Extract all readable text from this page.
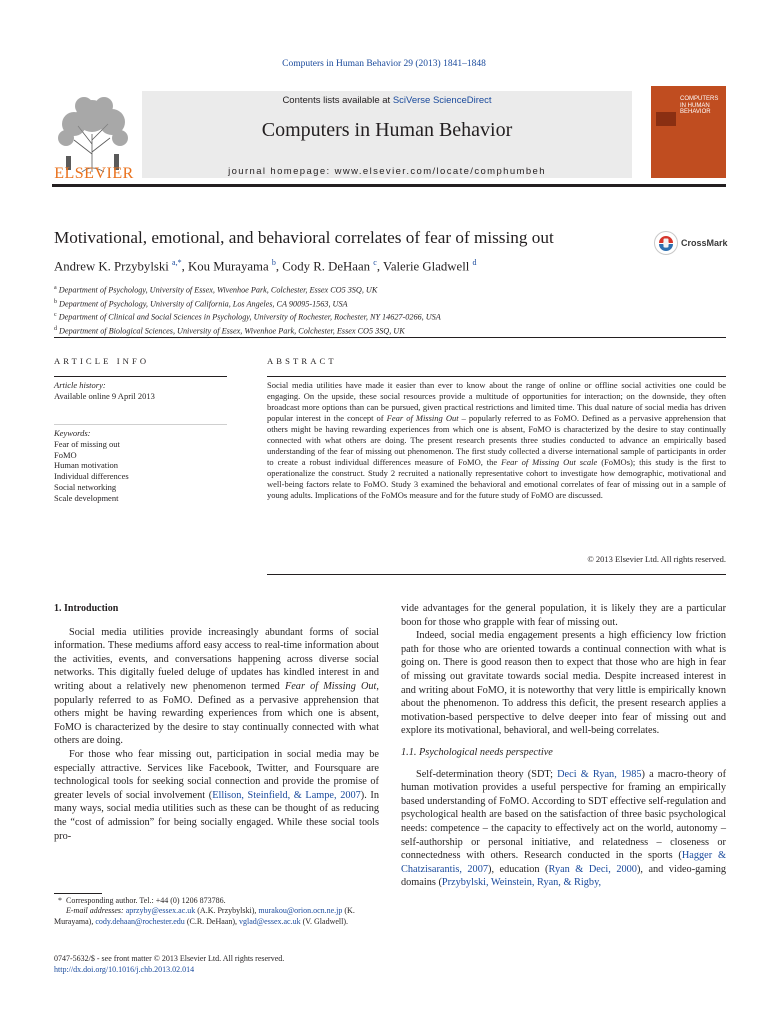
Computers in Human Behavior 29 (2013) 1841–1848
ELSEVIER
Contents lists available at SciVerse ScienceDirect
Computers in Human Behavior
journal homepage: www.elsevier.com/locate/comphumbeh
COMPUTERS IN HUMAN BEHAVIOR
Motivational, emotional, and behavioral correlates of fear of missing out	CrossMark
Andrew K. Przybylski $^{a,*}$, Kou Murayama $^b$, Cody R. DeHaan $^c$, Valerie Gladwell $^d$
$^a$ Department of Psychology, University of Essex, Wivenhoe Park, Colchester, Essex CO5 3SQ, UK
$^b$ Department of Psychology, University of California, Los Angeles, CA 90095-1563, USA
$^c$ Department of Clinical and Social Sciences in Psychology, University of Rochester, Rochester, NY 14627-0266, USA
$^d$ Department of Biological Sciences, University of Essex, Wivenhoe Park, Colchester, Essex CO5 3SQ, UK
ARTICLE INFO
Article history:
Available online 9 April 2013
Keywords:
Fear of missing out
FoMO
Human motivation
Individual differences
Social networking
Scale development
ABSTRACT
Social media utilities have made it easier than ever to know about the range of online or offline social activities one could be engaging. On the upside, these social resources provide a multitude of opportunities for interaction; on the downside, they often broadcast more options than can be pursued, given practical restrictions and limited time. This dual nature of social media has driven popular interest in the concept of Fear of Missing Out – popularly referred to as FoMO. Defined as a pervasive apprehension that others might be having rewarding experiences from which one is absent, FoMO is characterized by the desire to stay continually connected with what others are doing. The present research presents three studies conducted to advance an empirically based understanding of the fear of missing out phenomenon. The first study collected a diverse international sample of participants in order to create a robust individual differences measure of FoMO, the Fear of Missing Out scale (FoMOs); this study is the first to operationalize the construct. Study 2 recruited a nationally representative cohort to investigate how demographic, motivational and well-being factors relate to FoMO. Study 3 examined the behavioral and emotional correlates of fear of missing out in a sample of young adults. Implications of the FoMOs measure and for the future study of FoMO are discussed.
© 2013 Elsevier Ltd. All rights reserved.

1. Introduction

Social media utilities provide increasingly abundant forms of social information. These mediums afford easy access to real-time information about the activities, events, and conversations happening across diverse social networks. This digitally fueled deluge of updates has kindled interest in and writing about a relatively new phenomenon termed Fear of Missing Out, popularly referred to as FoMO. Defined as a pervasive apprehension that others might be having rewarding experiences from which one is absent, FoMO is characterized by the desire to stay continually connected with what others are doing.

For those who fear missing out, participation in social media may be especially attractive. Services like Facebook, Twitter, and Foursquare are technological tools for seeking social connection and provide the promise of greater levels of social involvement (Ellison, Steinfield, & Lampe, 2007). In many ways, social media utilities such as these can be thought of as reducing the “cost of admission” for being socially engaged. While these social tools pro-

vide advantages for the general population, it is likely they are a particular boon for those who grapple with fear of missing out.

Indeed, social media engagement presents a high efficiency low friction path for those who are oriented towards a continual connection with what is going on. There is good reason then to expect that those who are high in fear of missing out gravitate towards social media. Despite increased interest in and writing about FoMO, it is noteworthy that very little is empirically known about the phenomenon. To address this deficit, the present research applies a motivation-based perspective to delve deeper into fear of missing out and explore its motivational, behavioral, and well-being correlates.

1.1. Psychological needs perspective

Self-determination theory (SDT; Deci & Ryan, 1985) a macro-theory of human motivation provides a useful perspective for framing an empirically based understanding of FoMO. According to SDT effective self-regulation and psychological health are based on the satisfaction of three basic psychological needs: competence – the capacity to effectively act on the world, autonomy – self-authorship or personal initiative, and relatedness – closeness or connectedness with others. Research conducted in the sports (Hagger & Chatzisarantis, 2007), education (Ryan & Deci, 2000), and video-gaming domains (Przybylski, Weinstein, Ryan, & Rigby,

*  Corresponding author. Tel.: +44 (0) 1206 873786.
E-mail addresses: aprzyby@essex.ac.uk (A.K. Przybylski), murakou@orion.ocn.ne.jp (K. Murayama), cody.dehaan@rochester.edu (C.R. DeHaan), vglad@essex.ac.uk (V. Gladwell).
0747-5632/$ - see front matter © 2013 Elsevier Ltd. All rights reserved.
http://dx.doi.org/10.1016/j.chb.2013.02.014
